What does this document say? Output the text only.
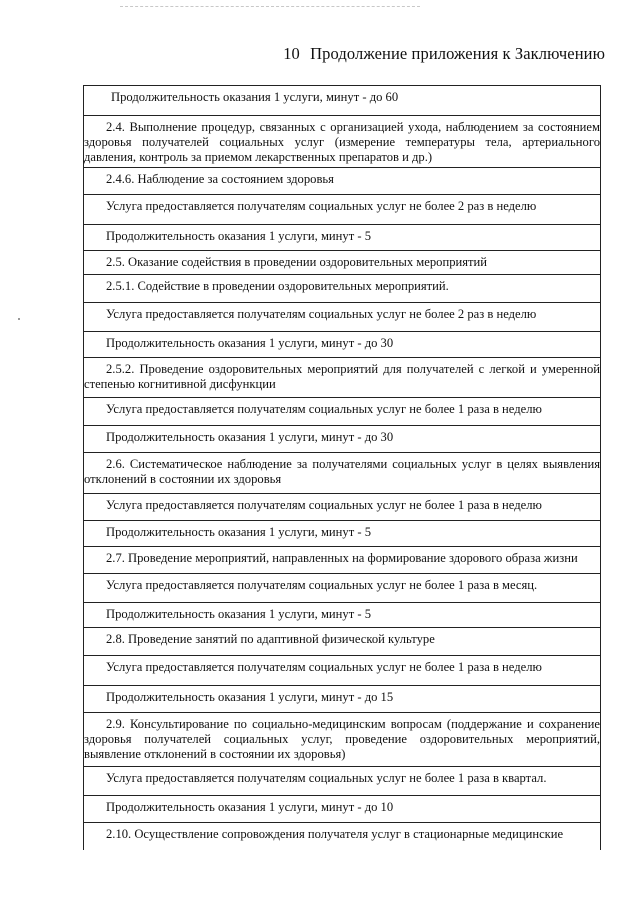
10 Продолжение приложения к Заключению
Продолжительность оказания 1 услуги, минут - до 60
2.4. Выполнение процедур, связанных с организацией ухода, наблюдением за состоянием здоровья получателей социальных услуг (измерение температуры тела, артериального давления, контроль за приемом лекарственных препаратов и др.)
2.4.6. Наблюдение за состоянием здоровья
Услуга предоставляется получателям социальных услуг не более 2 раз в неделю
Продолжительность оказания 1 услуги, минут - 5
2.5. Оказание содействия в проведении оздоровительных мероприятий
2.5.1. Содействие в проведении оздоровительных мероприятий.
Услуга предоставляется получателям социальных услуг не более 2 раз в неделю
Продолжительность оказания 1 услуги, минут - до 30
2.5.2. Проведение оздоровительных мероприятий для получателей с легкой и умеренной степенью когнитивной дисфункции
Услуга предоставляется получателям социальных услуг не более 1 раза в неделю
Продолжительность оказания 1 услуги, минут - до 30
2.6. Систематическое наблюдение за получателями социальных услуг в целях выявления отклонений в состоянии их здоровья
Услуга предоставляется получателям социальных услуг не более 1 раза в неделю
Продолжительность оказания 1 услуги, минут - 5
2.7. Проведение мероприятий, направленных на формирование здорового образа жизни
Услуга предоставляется получателям социальных услуг не более 1 раза в месяц.
Продолжительность оказания 1 услуги, минут - 5
2.8. Проведение занятий по адаптивной физической культуре
Услуга предоставляется получателям социальных услуг не более 1 раза в неделю
Продолжительность оказания 1 услуги, минут - до 15
2.9. Консультирование по социально-медицинским вопросам (поддержание и сохранение здоровья получателей социальных услуг, проведение оздоровительных мероприятий, выявление отклонений в состоянии их здоровья)
Услуга предоставляется получателям социальных услуг не более 1 раза в квартал.
Продолжительность оказания 1 услуги, минут - до 10
2.10. Осуществление сопровождения получателя услуг в стационарные медицинские
